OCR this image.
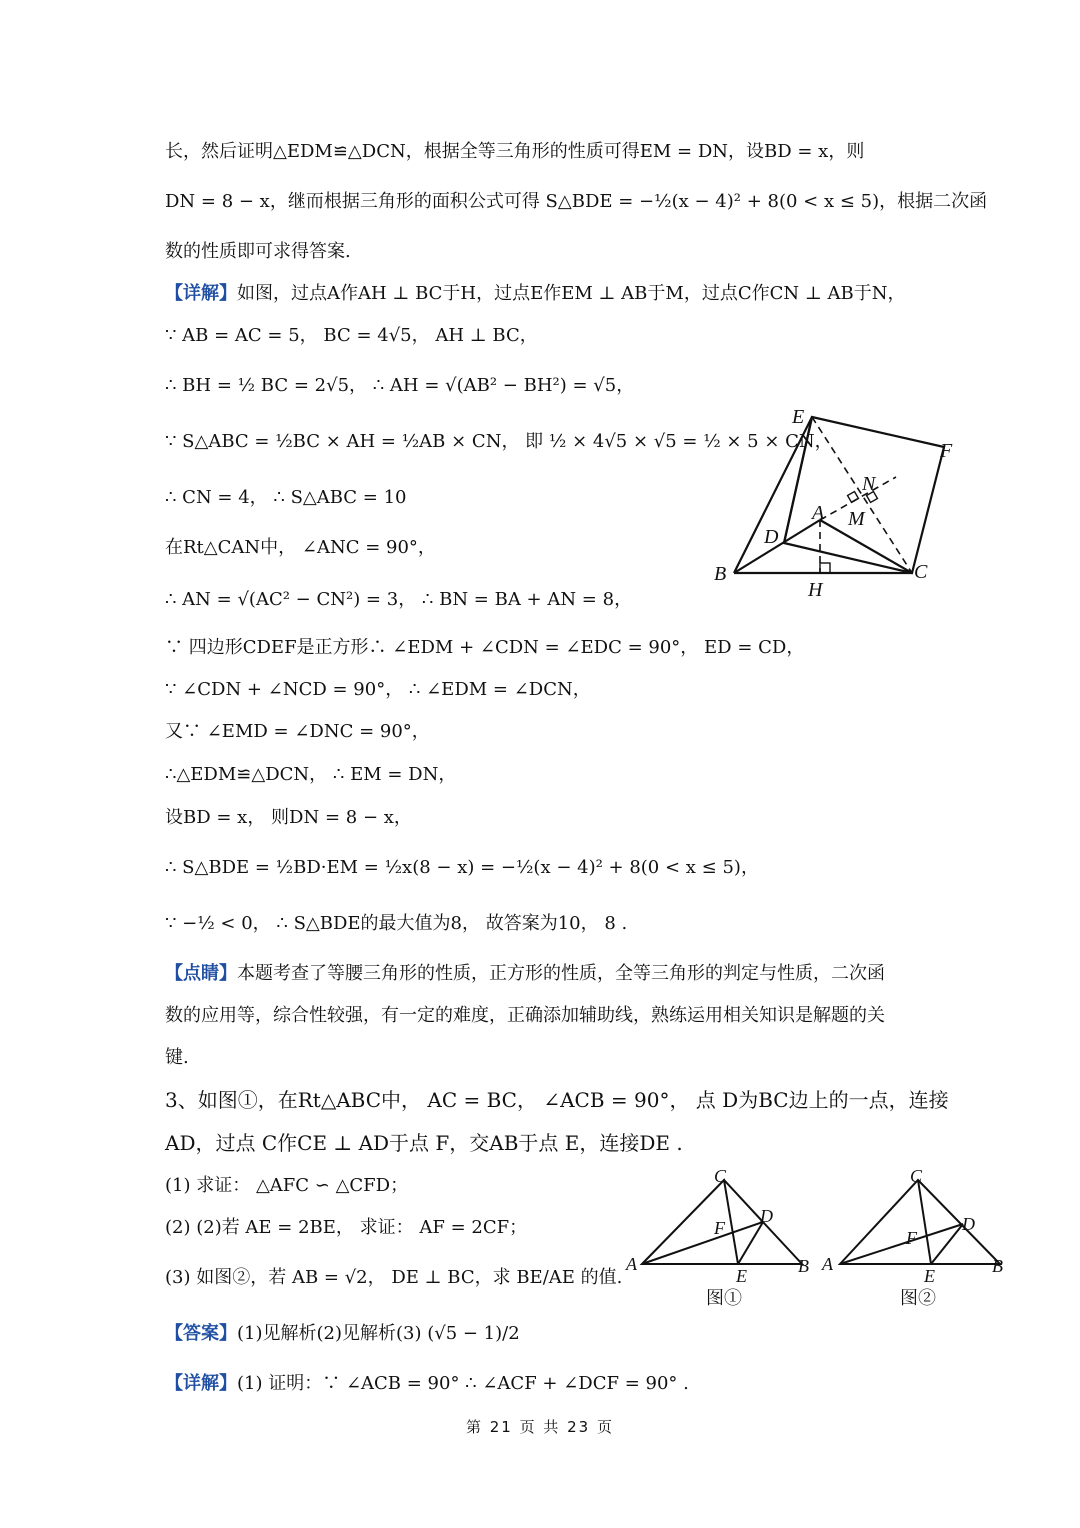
长，然后证明△EDM≌△DCN，根据全等三角形的性质可得EM = DN，设BD = x，则
DN = 8 − x，继而根据三角形的面积公式可得 S△BDE = −½(x − 4)² + 8(0 < x ≤ 5)，根据二次函
数的性质即可求得答案.
【详解】如图，过点A作AH ⊥ BC于H，过点E作EM ⊥ AB于M，过点C作CN ⊥ AB于N，
∵ AB = AC = 5， BC = 4√5， AH ⊥ BC，
∴ BH = ½ BC = 2√5， ∴ AH = √(AB² − BH²) = √5，
∵ S△ABC = ½BC × AH = ½AB × CN， 即 ½ × 4√5 × √5 = ½ × 5 × CN，
∴ CN = 4， ∴ S△ABC = 10
在Rt△CAN中， ∠ANC = 90°，
∴ AN = √(AC² − CN²) = 3， ∴ BN = BA + AN = 8，
∵ 四边形CDEF是正方形∴ ∠EDM + ∠CDN = ∠EDC = 90°， ED = CD，
∵ ∠CDN + ∠NCD = 90°， ∴ ∠EDM = ∠DCN，
又∵ ∠EMD = ∠DNC = 90°，
∴△EDM≌△DCN， ∴ EM = DN，
设BD = x， 则DN = 8 − x，
∴ S△BDE = ½BD·EM = ½x(8 − x) = −½(x − 4)² + 8(0 < x ≤ 5)，
∵ −½ < 0， ∴ S△BDE的最大值为8， 故答案为10， 8 .
【点睛】本题考查了等腰三角形的性质，正方形的性质，全等三角形的判定与性质，二次函
数的应用等，综合性较强，有一定的难度，正确添加辅助线，熟练运用相关知识是解题的关
键.
3、如图①，在Rt△ABC中， AC = BC， ∠ACB = 90°， 点 D为BC边上的一点，连接
AD，过点 C作CE ⊥ AD于点 F，交AB于点 E，连接DE .
(1) 求证： △AFC ∽ △CFD；
(2) (2)若 AE = 2BE， 求证： AF = 2CF；
(3) 如图②，若 AB = √2， DE ⊥ BC，求 BE/AE 的值.
【答案】(1)见解析(2)见解析(3) (√5 − 1)/2
【详解】(1) 证明：∵ ∠ACB = 90° ∴ ∠ACF + ∠DCF = 90° .
E
F
N
M
A
D
B	C
H
C
D
F
A
E	B
图①
C
D
F
A
E	B
图②
第 21 页 共 23 页
